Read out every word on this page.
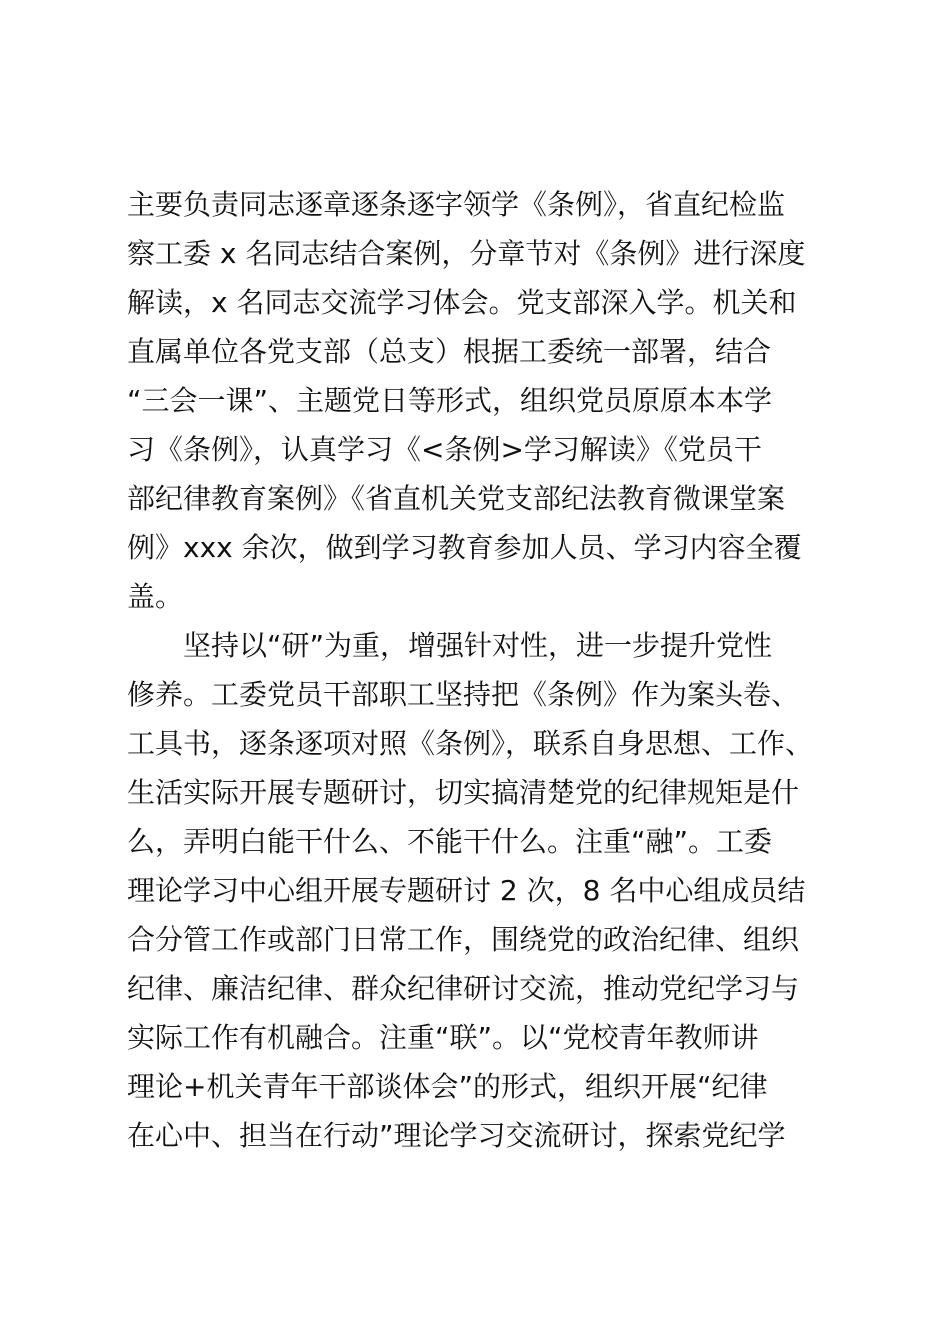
主要负责同志逐章逐条逐字领学《条例》，省直纪检监
察工委 x 名同志结合案例，分章节对《条例》进行深度
解读，x 名同志交流学习体会。党支部深入学。机关和
直属单位各党支部（总支）根据工委统一部署，结合
“三会一课”、主题党日等形式，组织党员原原本本学
习《条例》，认真学习《<条例>学习解读》《党员干
部纪律教育案例》《省直机关党支部纪法教育微课堂案
例》xxx 余次，做到学习教育参加人员、学习内容全覆
盖。
　　坚持以“研”为重，增强针对性，进一步提升党性
修养。工委党员干部职工坚持把《条例》作为案头卷、
工具书，逐条逐项对照《条例》，联系自身思想、工作、
生活实际开展专题研讨，切实搞清楚党的纪律规矩是什
么，弄明白能干什么、不能干什么。注重“融”。工委
理论学习中心组开展专题研讨 2 次，8 名中心组成员结
合分管工作或部门日常工作，围绕党的政治纪律、组织
纪律、廉洁纪律、群众纪律研讨交流，推动党纪学习与
实际工作有机融合。注重“联”。以“党校青年教师讲
理论+机关青年干部谈体会”的形式，组织开展“纪律
在心中、担当在行动”理论学习交流研讨，探索党纪学
